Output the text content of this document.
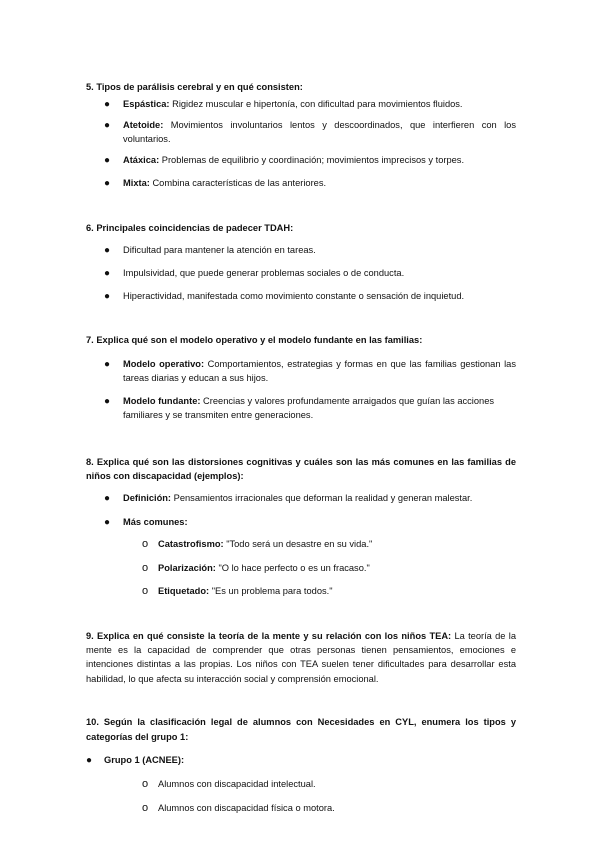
5. Tipos de parálisis cerebral y en qué consisten:
● Espástica: Rigidez muscular e hipertonía, con dificultad para movimientos fluidos.
● Atetoide: Movimientos involuntarios lentos y descoordinados, que interfieren con los voluntarios.
● Atáxica: Problemas de equilibrio y coordinación; movimientos imprecisos y torpes.
● Mixta: Combina características de las anteriores.
6. Principales coincidencias de padecer TDAH:
● Dificultad para mantener la atención en tareas.
● Impulsividad, que puede generar problemas sociales o de conducta.
● Hiperactividad, manifestada como movimiento constante o sensación de inquietud.
7. Explica qué son el modelo operativo y el modelo fundante en las familias:
● Modelo operativo: Comportamientos, estrategias y formas en que las familias gestionan las tareas diarias y educan a sus hijos.
● Modelo fundante: Creencias y valores profundamente arraigados que guían las acciones familiares y se transmiten entre generaciones.
8. Explica qué son las distorsiones cognitivas y cuáles son las más comunes en las familias de niños con discapacidad (ejemplos):
● Definición: Pensamientos irracionales que deforman la realidad y generan malestar.
● Más comunes:
o Catastrofismo: "Todo será un desastre en su vida."
o Polarización: "O lo hace perfecto o es un fracaso."
o Etiquetado: "Es un problema para todos."
9. Explica en qué consiste la teoría de la mente y su relación con los niños TEA: La teoría de la mente es la capacidad de comprender que otras personas tienen pensamientos, emociones e intenciones distintas a las propias. Los niños con TEA suelen tener dificultades para desarrollar esta habilidad, lo que afecta su interacción social y comprensión emocional.
10. Según la clasificación legal de alumnos con Necesidades en CYL, enumera los tipos y categorías del grupo 1:
● Grupo 1 (ACNEE):
o Alumnos con discapacidad intelectual.
o Alumnos con discapacidad física o motora.
